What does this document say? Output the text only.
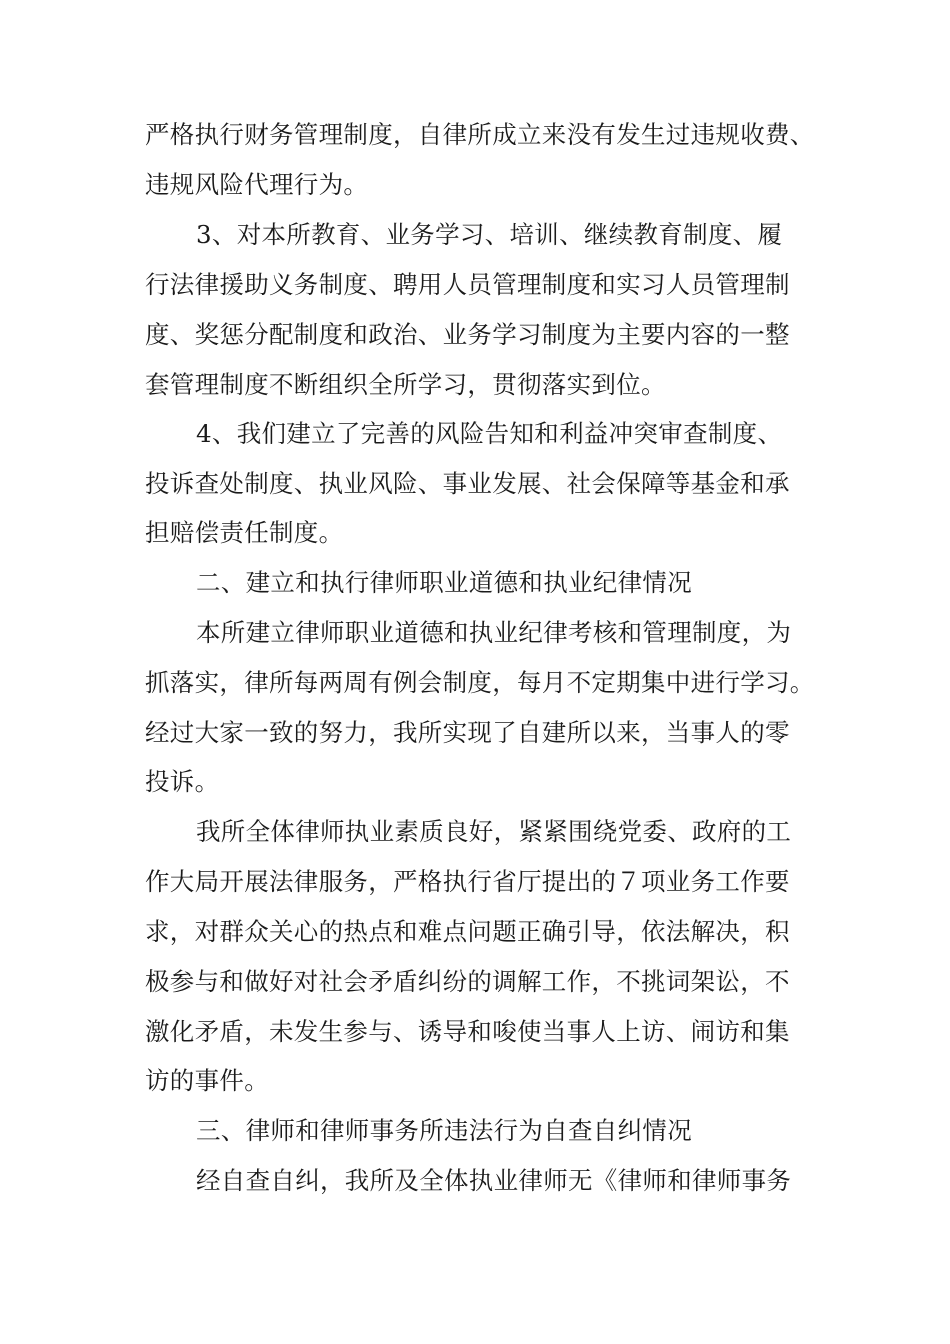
严格执行财务管理制度，自律所成立来没有发生过违规收费、
违规风险代理行为。
3、对本所教育、业务学习、培训、继续教育制度、履
行法律援助义务制度、聘用人员管理制度和实习人员管理制
度、奖惩分配制度和政治、业务学习制度为主要内容的一整
套管理制度不断组织全所学习，贯彻落实到位。
4、我们建立了完善的风险告知和利益冲突审查制度、
投诉查处制度、执业风险、事业发展、社会保障等基金和承
担赔偿责任制度。
二、建立和执行律师职业道德和执业纪律情况
本所建立律师职业道德和执业纪律考核和管理制度，为
抓落实，律所每两周有例会制度，每月不定期集中进行学习。
经过大家一致的努力，我所实现了自建所以来，当事人的零
投诉。
我所全体律师执业素质良好，紧紧围绕党委、政府的工
作大局开展法律服务，严格执行省厅提出的７项业务工作要
求，对群众关心的热点和难点问题正确引导，依法解决，积
极参与和做好对社会矛盾纠纷的调解工作，不挑词架讼，不
激化矛盾，未发生参与、诱导和唆使当事人上访、闹访和集
访的事件。
三、律师和律师事务所违法行为自查自纠情况
经自查自纠，我所及全体执业律师无《律师和律师事务
